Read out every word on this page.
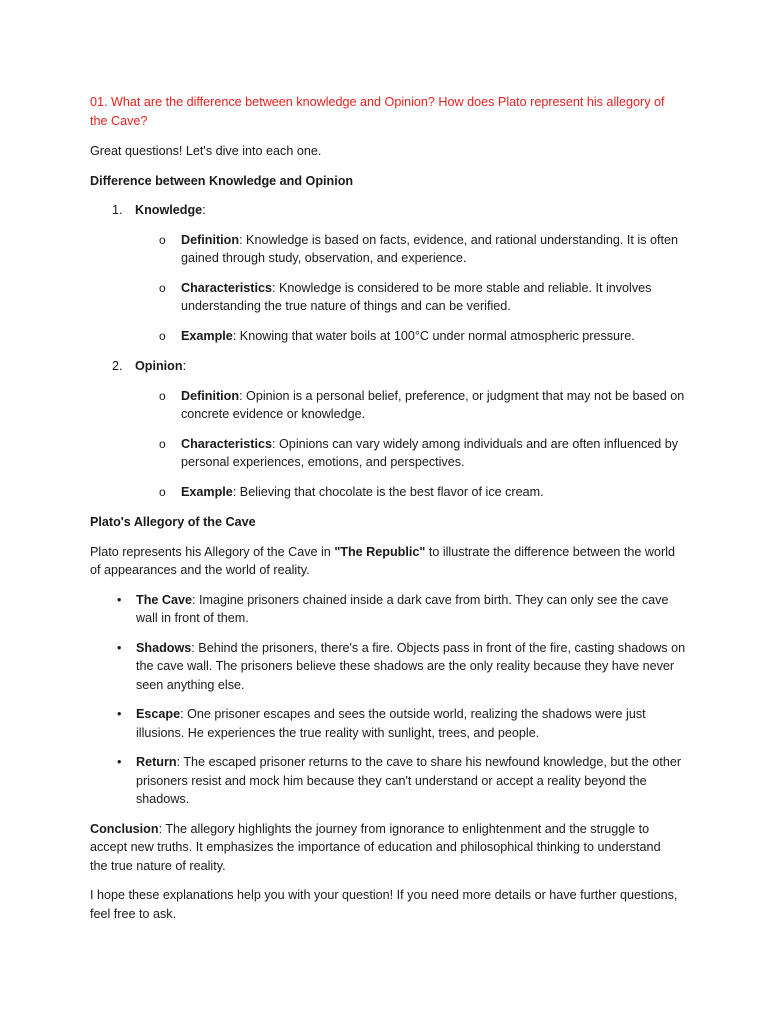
01. What are the difference between knowledge and Opinion? How does Plato represent his allegory of the Cave?

Great questions! Let's dive into each one.

Difference between Knowledge and Opinion

1. Knowledge:

o Definition: Knowledge is based on facts, evidence, and rational understanding. It is often gained through study, observation, and experience.
o Characteristics: Knowledge is considered to be more stable and reliable. It involves understanding the true nature of things and can be verified.
o Example: Knowing that water boils at 100°C under normal atmospheric pressure.
2. Opinion:

o Definition: Opinion is a personal belief, preference, or judgment that may not be based on concrete evidence or knowledge.
o Characteristics: Opinions can vary widely among individuals and are often influenced by personal experiences, emotions, and perspectives.
o Example: Believing that chocolate is the best flavor of ice cream.

Plato's Allegory of the Cave

Plato represents his Allegory of the Cave in "The Republic" to illustrate the difference between the world of appearances and the world of reality.

• The Cave: Imagine prisoners chained inside a dark cave from birth. They can only see the cave wall in front of them.
• Shadows: Behind the prisoners, there's a fire. Objects pass in front of the fire, casting shadows on the cave wall. The prisoners believe these shadows are the only reality because they have never seen anything else.
• Escape: One prisoner escapes and sees the outside world, realizing the shadows were just illusions. He experiences the true reality with sunlight, trees, and people.
• Return: The escaped prisoner returns to the cave to share his newfound knowledge, but the other prisoners resist and mock him because they can't understand or accept a reality beyond the shadows.

Conclusion: The allegory highlights the journey from ignorance to enlightenment and the struggle to accept new truths. It emphasizes the importance of education and philosophical thinking to understand the true nature of reality.

I hope these explanations help you with your question! If you need more details or have further questions, feel free to ask.
